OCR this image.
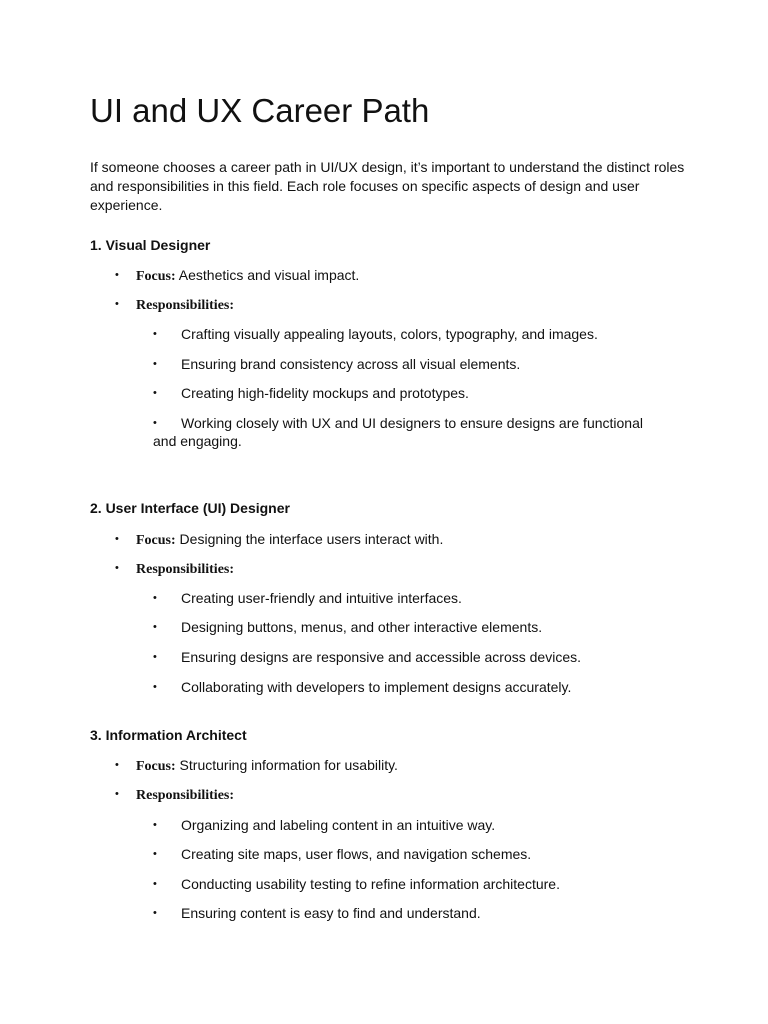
UI and UX Career Path

If someone chooses a career path in UI/UX design, it’s important to understand the distinct roles and responsibilities in this field. Each role focuses on specific aspects of design and user experience.

1. Visual Designer
• Focus: Aesthetics and visual impact.
• Responsibilities:
• Crafting visually appealing layouts, colors, typography, and images.
• Ensuring brand consistency across all visual elements.
• Creating high-fidelity mockups and prototypes.
• Working closely with UX and UI designers to ensure designs are functional and engaging.
2. User Interface (UI) Designer
• Focus: Designing the interface users interact with.
• Responsibilities:
• Creating user-friendly and intuitive interfaces.
• Designing buttons, menus, and other interactive elements.
• Ensuring designs are responsive and accessible across devices.
• Collaborating with developers to implement designs accurately.
3. Information Architect
• Focus: Structuring information for usability.
• Responsibilities:
• Organizing and labeling content in an intuitive way.
• Creating site maps, user flows, and navigation schemes.
• Conducting usability testing to refine information architecture.
• Ensuring content is easy to find and understand.
